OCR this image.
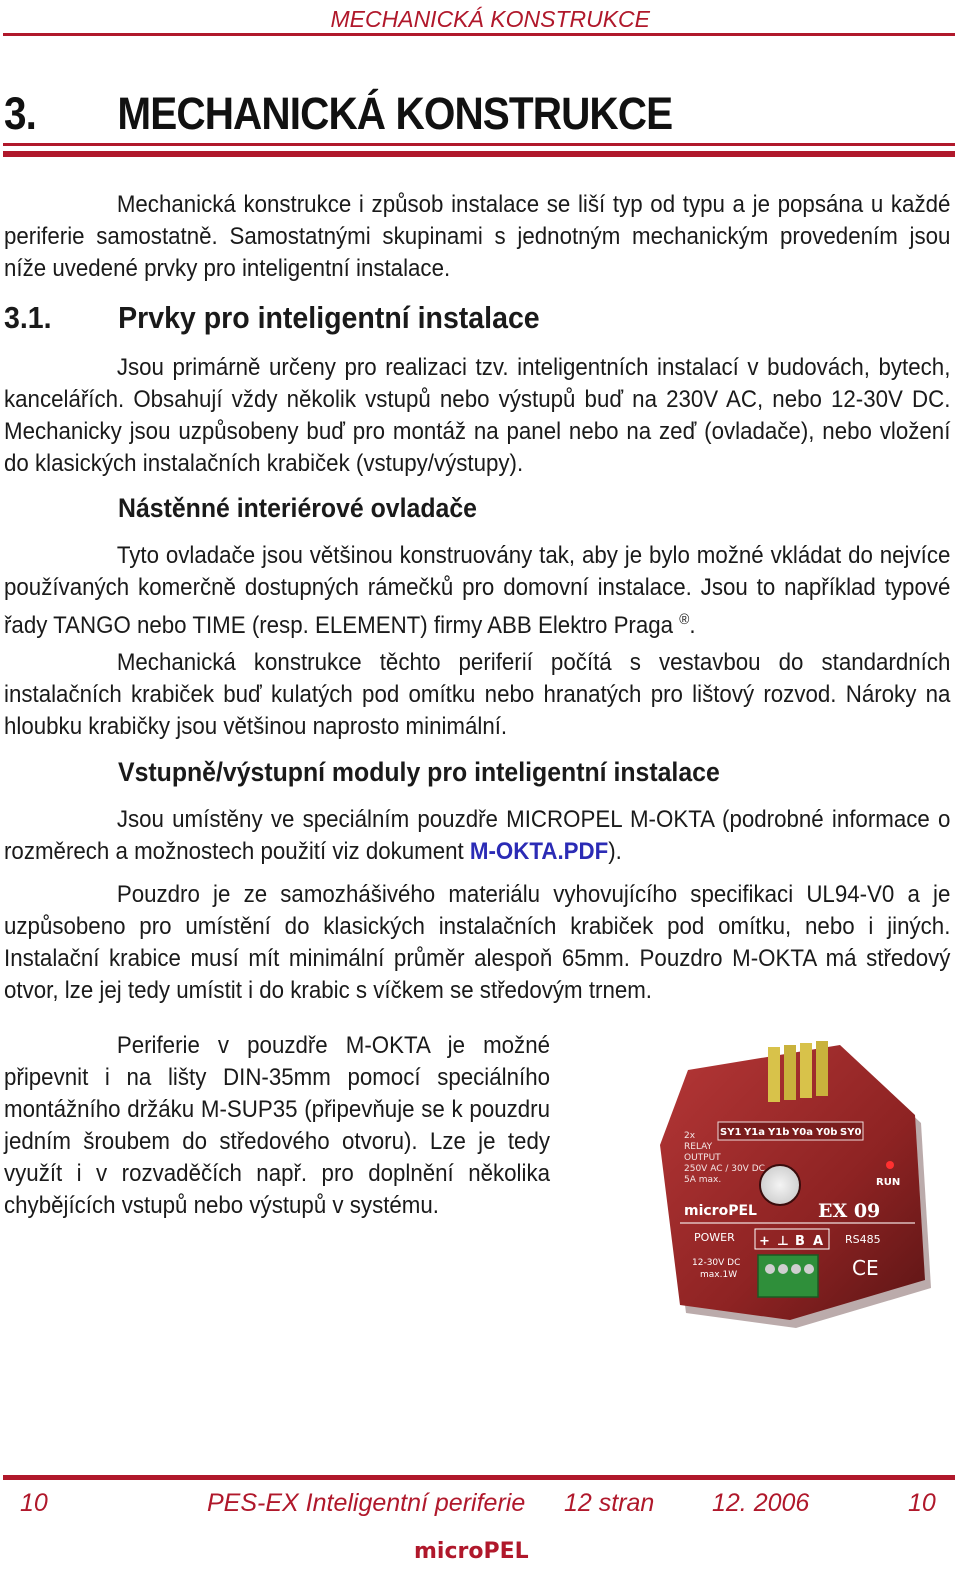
MECHANICKÁ KONSTRUKCE
3. MECHANICKÁ KONSTRUKCE
Mechanická konstrukce i způsob instalace se liší typ od typu a je popsána u každé periferie samostatně. Samostatnými skupinami s jednotným mechanickým provedením jsou níže uvedené prvky pro inteligentní instalace.
3.1. Prvky pro inteligentní instalace
Jsou primárně určeny pro realizaci tzv. inteligentních instalací v budovách, bytech, kancelářích. Obsahují vždy několik vstupů nebo výstupů buď na 230V AC, nebo 12-30V DC. Mechanicky jsou uzpůsobeny buď pro montáž na panel nebo na zeď (ovladače), nebo vložení do klasických instalačních krabiček (vstupy/výstupy).
Nástěnné interiérové ovladače
Tyto ovladače jsou většinou konstruovány tak, aby je bylo možné vkládat do nejvíce používaných komerčně dostupných rámečků pro domovní instalace. Jsou to například typové řady TANGO nebo TIME (resp. ELEMENT) firmy ABB Elektro Praga ®.
Mechanická konstrukce těchto periferií počítá s vestavbou do standardních instalačních krabiček buď kulatých pod omítku nebo hranatých pro lištový rozvod. Nároky na hloubku krabičky jsou většinou naprosto minimální.
Vstupně/výstupní moduly pro inteligentní instalace
Jsou umístěny ve speciálním pouzdře MICROPEL M-OKTA (podrobné informace o rozměrech a možnostech použití viz dokument M-OKTA.PDF).
Pouzdro je ze samozhášivého materiálu vyhovujícího specifikaci UL94-V0 a je uzpůsobeno pro umístění do klasických instalačních krabiček pod omítku, nebo i jiných. Instalační krabice musí mít minimální průměr alespoň 65mm. Pouzdro M-OKTA má středový otvor, lze jej tedy umístit i do krabic s víčkem se středovým trnem.
Periferie v pouzdře M-OKTA je možné připevnit i na lišty DIN-35mm pomocí speciálního montážního držáku M-SUP35 (připevňuje se k pouzdru jedním šroubem do středového otvoru). Lze je tedy využít i v rozvaděčích např. pro doplnění několika chybějících vstupů nebo výstupů v systému.
SY1 Y1a Y1b Y0a Y0b SY0
2x
RELAY
OUTPUT
250V AC / 30V DC
5A max.	RUN
microPEL	EX 09
POWER + ⊥ B A RS485
12-30V DC
max.1W	CE
10	PES-EX Inteligentní periferie 12 stran 12. 2006	10
microPEL
